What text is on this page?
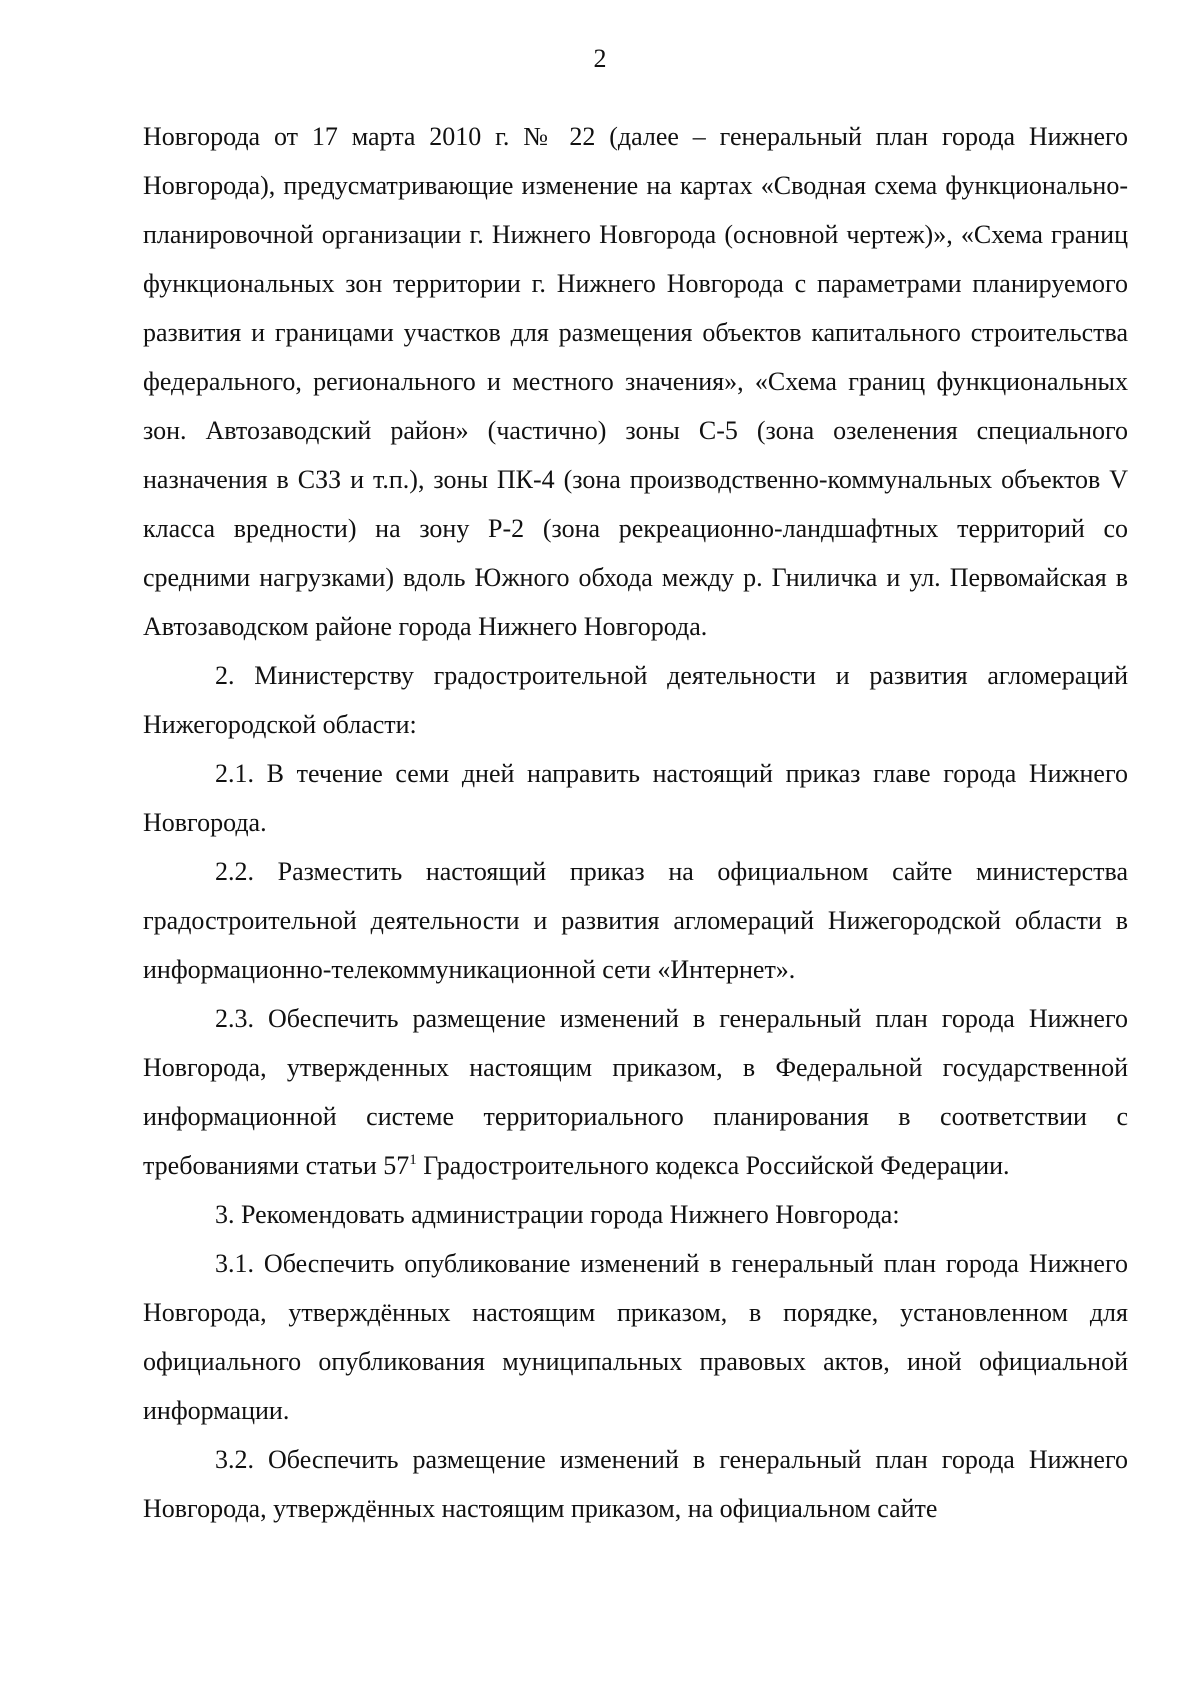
2

Новгорода от 17 марта 2010 г. № 22 (далее – генеральный план города Нижнего Новгорода), предусматривающие изменение на картах «Сводная схема функционально-планировочной организации г. Нижнего Новгорода (основной чертеж)», «Схема границ функциональных зон территории г. Нижнего Новгорода с параметрами планируемого развития и границами участков для размещения объектов капитального строительства федерального, регионального и местного значения», «Схема границ функциональных зон. Автозаводский район» (частично) зоны С-5 (зона озеленения специального назначения в СЗЗ и т.п.), зоны ПК-4 (зона производственно-коммунальных объектов V класса вредности) на зону Р-2 (зона рекреационно-ландшафтных территорий со средними нагрузками) вдоль Южного обхода между р. Гниличка и ул. Первомайская в Автозаводском районе города Нижнего Новгорода.

2. Министерству градостроительной деятельности и развития агломераций Нижегородской области:

2.1. В течение семи дней направить настоящий приказ главе города Нижнего Новгорода.

2.2. Разместить настоящий приказ на официальном сайте министерства градостроительной деятельности и развития агломераций Нижегородской области в информационно-телекоммуникационной сети «Интернет».

2.3. Обеспечить размещение изменений в генеральный план города Нижнего Новгорода, утвержденных настоящим приказом, в Федеральной государственной информационной системе территориального планирования в соответствии с требованиями статьи $57^1$ Градостроительного кодекса Российской Федерации.

3. Рекомендовать администрации города Нижнего Новгорода:

3.1. Обеспечить опубликование изменений в генеральный план города Нижнего Новгорода, утверждённых настоящим приказом, в порядке, установленном для официального опубликования муниципальных правовых актов, иной официальной информации.

3.2. Обеспечить размещение изменений в генеральный план города Нижнего Новгорода, утверждённых настоящим приказом, на официальном сайте
